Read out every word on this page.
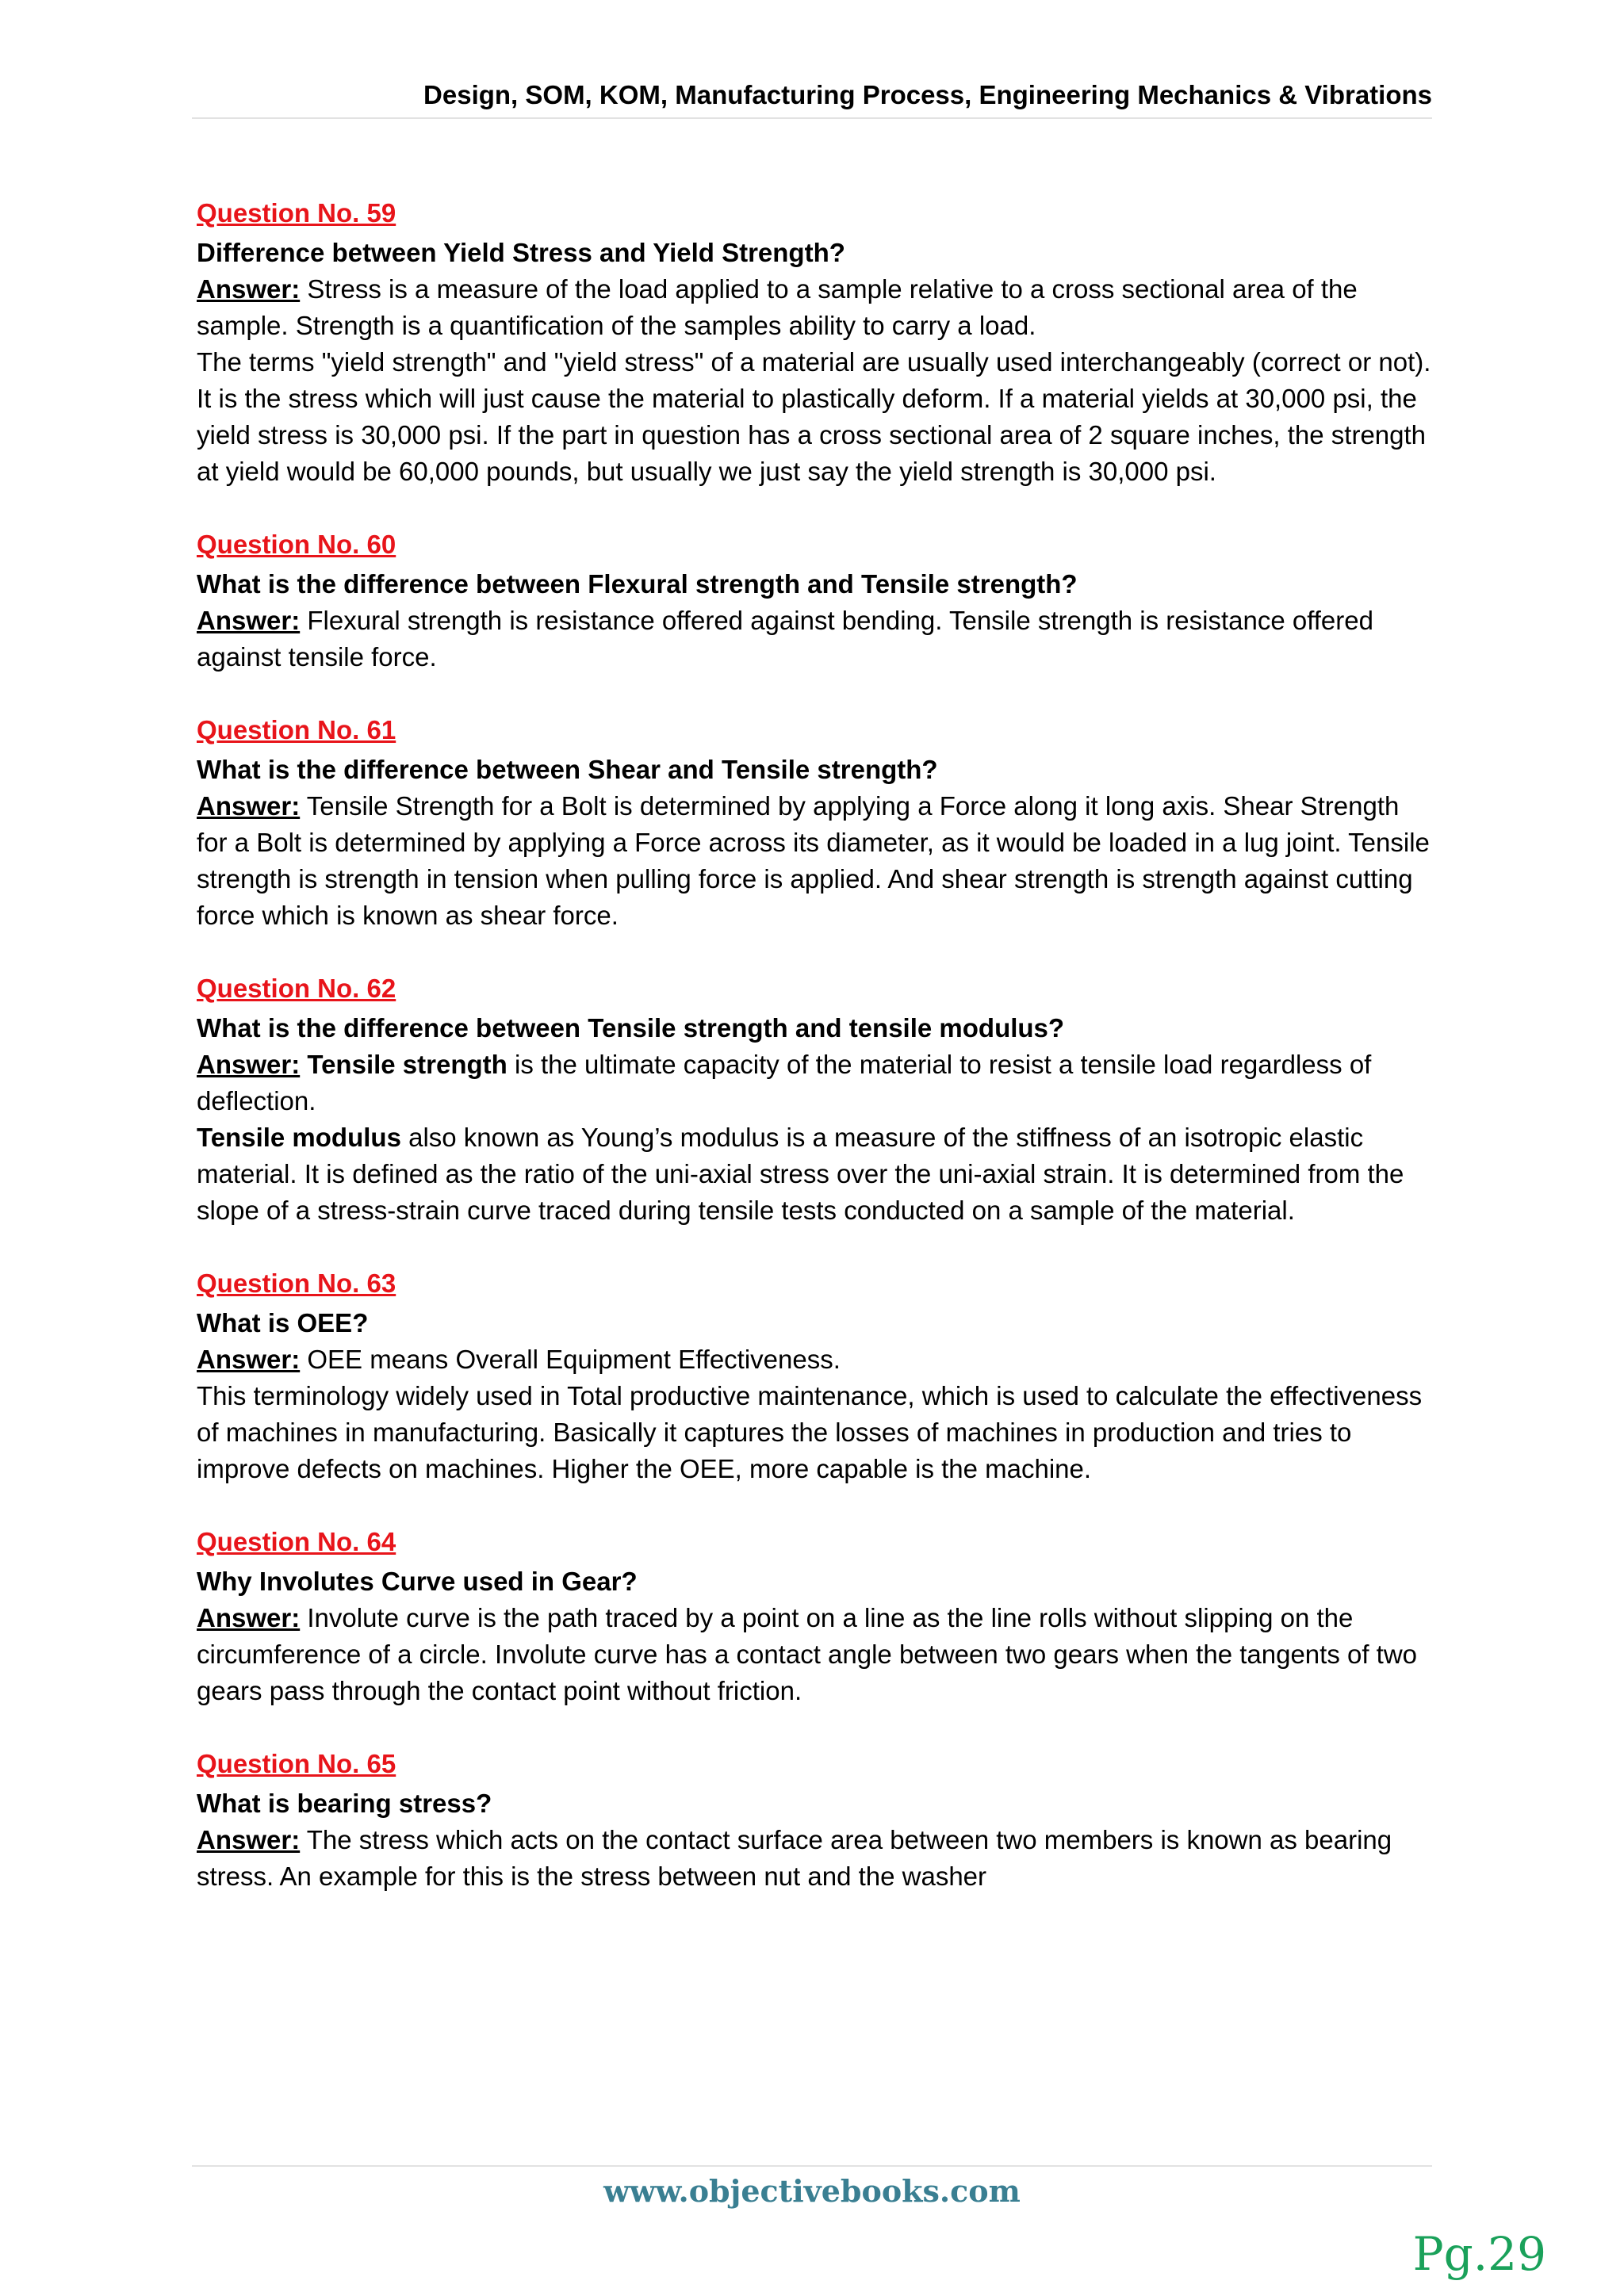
Design, SOM, KOM, Manufacturing Process, Engineering Mechanics & Vibrations

Question No. 59

Difference between Yield Stress and Yield Strength?

Answer: Stress is a measure of the load applied to a sample relative to a cross sectional area of the sample. Strength is a quantification of the samples ability to carry a load.

The terms "yield strength" and "yield stress" of a material are usually used interchangeably (correct or not). It is the stress which will just cause the material to plastically deform. If a material yields at 30,000 psi, the yield stress is 30,000 psi. If the part in question has a cross sectional area of 2 square inches, the strength at yield would be 60,000 pounds, but usually we just say the yield strength is 30,000 psi.

Question No. 60

What is the difference between Flexural strength and Tensile strength?

Answer: Flexural strength is resistance offered against bending. Tensile strength is resistance offered against tensile force.

Question No. 61

What is the difference between Shear and Tensile strength?

Answer: Tensile Strength for a Bolt is determined by applying a Force along it long axis. Shear Strength for a Bolt is determined by applying a Force across its diameter, as it would be loaded in a lug joint. Tensile strength is strength in tension when pulling force is applied. And shear strength is strength against cutting force which is known as shear force.

Question No. 62

What is the difference between Tensile strength and tensile modulus?

Answer: Tensile strength is the ultimate capacity of the material to resist a tensile load regardless of deflection.

Tensile modulus also known as Young’s modulus is a measure of the stiffness of an isotropic elastic material. It is defined as the ratio of the uni-axial stress over the uni-axial strain. It is determined from the slope of a stress-strain curve traced during tensile tests conducted on a sample of the material.

Question No. 63

What is OEE?

Answer: OEE means Overall Equipment Effectiveness.

This terminology widely used in Total productive maintenance, which is used to calculate the effectiveness of machines in manufacturing. Basically it captures the losses of machines in production and tries to improve defects on machines. Higher the OEE, more capable is the machine.

Question No. 64

Why Involutes Curve used in Gear?

Answer: Involute curve is the path traced by a point on a line as the line rolls without slipping on the circumference of a circle. Involute curve has a contact angle between two gears when the tangents of two gears pass through the contact point without friction.

Question No. 65

What is bearing stress?

Answer: The stress which acts on the contact surface area between two members is known as bearing stress. An example for this is the stress between nut and the washer

www.objectivebooks.com
Pg.29
